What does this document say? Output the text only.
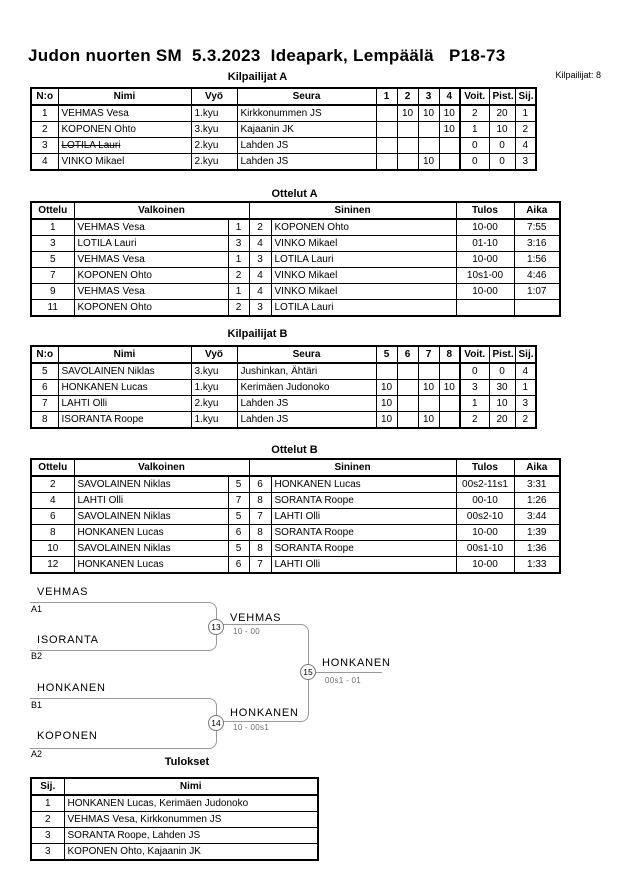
Judon nuorten SM  5.3.2023  Ideapark, Lempäälä   P18-73
Kilpailijat A	Kilpailijat: 8
N:o	Nimi	Vyö	Seura	1	2	3	4	Voit.	Pist.	Sij.
1	VEHMAS Vesa	1.kyu	Kirkkonummen JS		10	10	10	2	20	1
2	KOPONEN Ohto	3.kyu	Kajaanin JK				10	1	10	2
3	LOTILA Lauri	2.kyu	Lahden JS					0	0	4
4	VINKO Mikael	2.kyu	Lahden JS			10		0	0	3
Ottelut A
Ottelu	Valkoinen		Sininen		Tulos	Aika
1	VEHMAS Vesa	1	2	KOPONEN Ohto	10-00	7:55
3	LOTILA Lauri	3	4	VINKO Mikael	01-10	3:16
5	VEHMAS Vesa	1	3	LOTILA Lauri	10-00	1:56
7	KOPONEN Ohto	2	4	VINKO Mikael	10s1-00	4:46
9	VEHMAS Vesa	1	4	VINKO Mikael	10-00	1:07
11	KOPONEN Ohto	2	3	LOTILA Lauri		
Kilpailijat B
N:o	Nimi	Vyö	Seura	5	6	7	8	Voit.	Pist.	Sij.
5	SAVOLAINEN Niklas	3.kyu	Jushinkan, Ähtäri					0	0	4
6	HONKANEN Lucas	1.kyu	Kerimäen Judonoko	10		10	10	3	30	1
7	LAHTI Olli	2.kyu	Lahden JS	10				1	10	3
8	ISORANTA Roope	1.kyu	Lahden JS	10		10		2	20	2
Ottelut B
Ottelu	Valkoinen		Sininen		Tulos	Aika
2	SAVOLAINEN Niklas	5	6	HONKANEN Lucas	00s2-11s1	3:31
4	LAHTI Olli	7	8	SORANTA Roope	00-10	1:26
6	SAVOLAINEN Niklas	5	7	LAHTI Olli	00s2-10	3:44
8	HONKANEN Lucas	6	8	SORANTA Roope	10-00	1:39
10	SAVOLAINEN Niklas	5	8	SORANTA Roope	00s1-10	1:36
12	HONKANEN Lucas	6	7	LAHTI Olli	10-00	1:33
VEHMAS
A1
ISORANTA
B2
13
VEHMAS
10 - 00
HONKANEN
B1
KOPONEN
A2
14
HONKANEN
10 - 00s1
15
HONKANEN
00s1 - 01
Tulokset
Sij.	Nimi
1	HONKANEN Lucas, Kerimäen Judonoko
2	VEHMAS Vesa, Kirkkonummen JS
3	SORANTA Roope, Lahden JS
3	KOPONEN Ohto, Kajaanin JK
